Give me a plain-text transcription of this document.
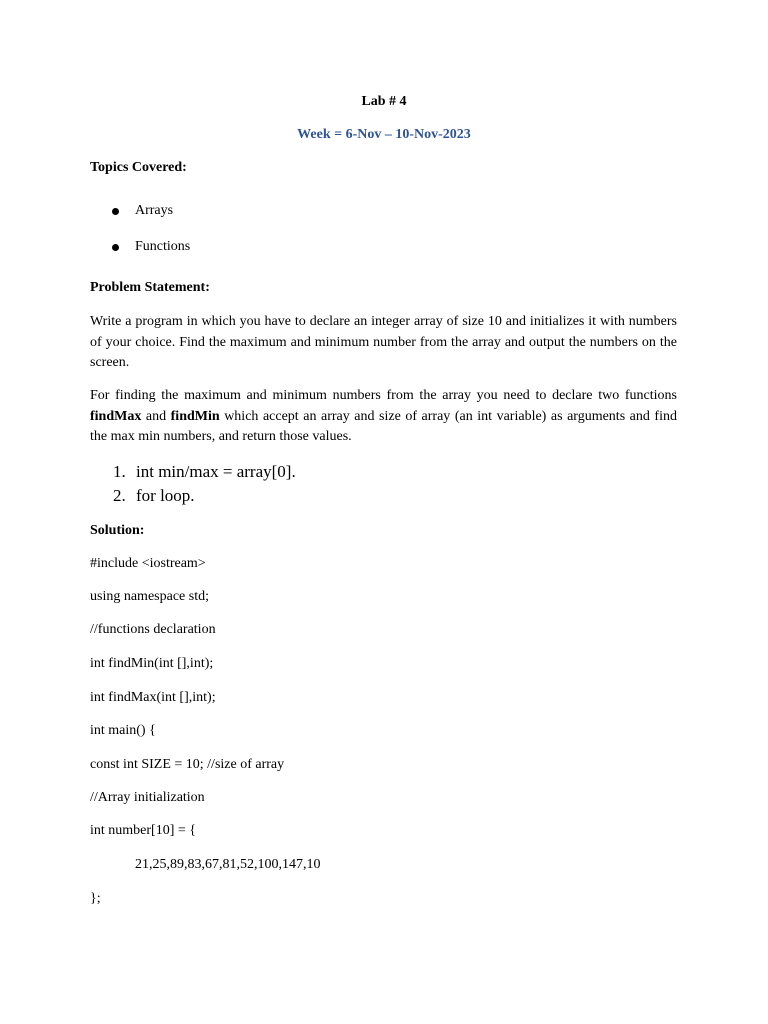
Lab # 4
Week = 6-Nov – 10-Nov-2023
Topics Covered:
Arrays
Functions
Problem Statement:
Write a program in which you have to declare an integer array of size 10 and initializes it with numbers of your choice. Find the maximum and minimum number from the array and output the numbers on the screen.
For finding the maximum and minimum numbers from the array you need to declare two functions findMax and findMin which accept an array and size of array (an int variable) as arguments and find the max min numbers, and return those values.
1. int min/max = array[0].
2. for loop.
Solution:
#include <iostream>
using namespace std;
//functions declaration
int findMin(int [],int);
int findMax(int [],int);
int main() {
const int SIZE = 10; //size of array
//Array initialization
int number[10] = {
21,25,89,83,67,81,52,100,147,10
};
